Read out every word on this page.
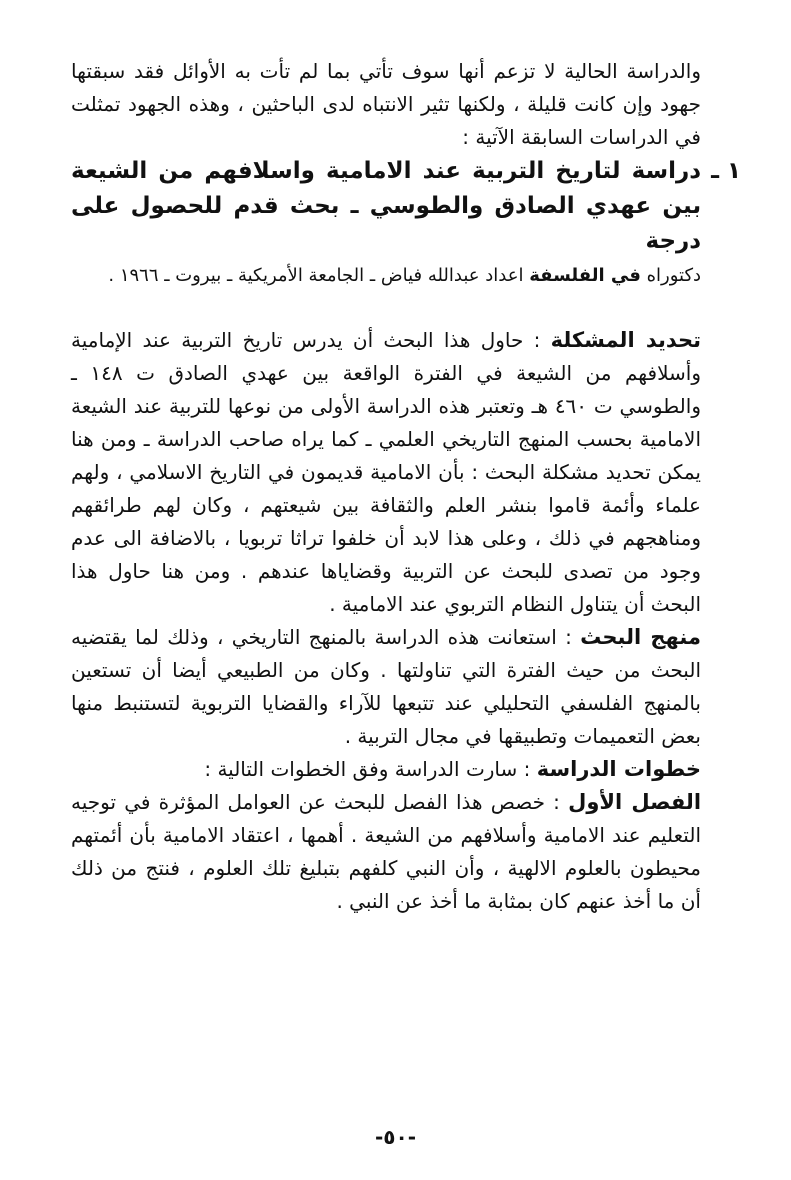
والدراسة الحالية لا تزعم أنها سوف تأتي بما لم تأت به الأوائل فقد سبقتها جهود وإن كانت قليلة ، ولكنها تثير الانتباه لدى الباحثين ، وهذه الجهود تمثلت في الدراسات السابقة الآتية :

١ ـ

دراسة لتاريخ التربية عند الامامية واسلافهم من الشيعة بين عهدي الصادق والطوسي ـ بحث قدم للحصول على درجة

دكتوراه في الفلسفة اعداد عبدالله فياض ـ الجامعة الأمريكية ـ بيروت ـ ١٩٦٦ .

تحديد المشكلة : حاول هذا البحث أن يدرس تاريخ التربية عند الإمامية وأسلافهم من الشيعة في الفترة الواقعة بين عهدي الصادق ت ١٤٨ ـ والطوسي ت ٤٦٠ هـ وتعتبر هذه الدراسة الأولى من نوعها للتربية عند الشيعة الامامية بحسب المنهج التاريخي العلمي ـ كما يراه صاحب الدراسة ـ ومن هنا يمكن تحديد مشكلة البحث : بأن الامامية قديمون في التاريخ الاسلامي ، ولهم علماء وأئمة قاموا بنشر العلم والثقافة بين شيعتهم ، وكان لهم طرائقهم ومناهجهم في ذلك ، وعلى هذا لابد أن خلفوا تراثا تربويا ، بالاضافة الى عدم وجود من تصدى للبحث عن التربية وقضاياها عندهم . ومن هنا حاول هذا البحث أن يتناول النظام التربوي عند الامامية .

منهج البحث : استعانت هذه الدراسة بالمنهج التاريخي ، وذلك لما يقتضيه البحث من حيث الفترة التي تناولتها . وكان من الطبيعي أيضا أن تستعين بالمنهج الفلسفي التحليلي عند تتبعها للآراء والقضايا التربوية لتستنبط منها بعض التعميمات وتطبيقها في مجال التربية .

خطوات الدراسة : سارت الدراسة وفق الخطوات التالية :

الفصل الأول : خصص هذا الفصل للبحث عن العوامل المؤثرة في توجيه التعليم عند الامامية وأسلافهم من الشيعة . أهمها ، اعتقاد الامامية بأن أئمتهم محيطون بالعلوم الالهية ، وأن النبي كلفهم بتبليغ تلك العلوم ، فنتج من ذلك أن ما أخذ عنهم كان بمثابة ما أخذ عن النبي .

-٥٠-
